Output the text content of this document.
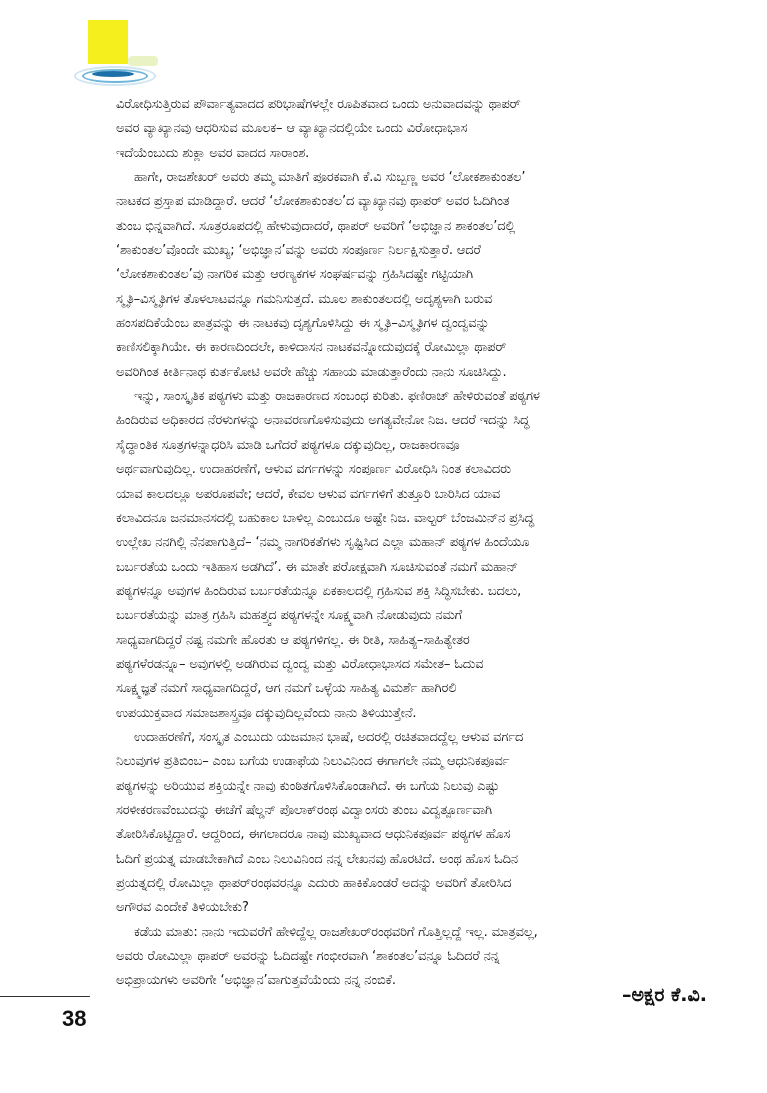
ವಿರೋಧಿಸುತ್ತಿರುವ ಪೌರ್ವಾತ್ಯವಾದದ ಪರಿಭಾಷೆಗಳಲ್ಲೇ ರೂಪಿತವಾದ ಒಂದು ಅನುವಾದವನ್ನು ಥಾಪರ್
ಅವರ ವ್ಯಾಖ್ಯಾನವು ಆಧರಿಸುವ ಮೂಲಕ– ಆ ವ್ಯಾಖ್ಯಾನದಲ್ಲಿಯೇ ಒಂದು ವಿರೋಧಾಭಾಸ
ಇದೆಯೆಂಬುದು ಶುಕ್ಲಾ ಅವರ ವಾದದ ಸಾರಾಂಶ.
ಹಾಗೇ, ರಾಜಶೇಖರ್ ಅವರು ತಮ್ಮ ಮಾತಿಗೆ ಪೂರಕವಾಗಿ ಕೆ.ವಿ ಸುಬ್ಬಣ್ಣ ಅವರ ‘ಲೋಕಶಾಕುಂತಲ’
ನಾಟಕದ ಪ್ರಸ್ತಾಪ ಮಾಡಿದ್ದಾರೆ. ಆದರೆ ‘ಲೋಕಶಾಕುಂತಲ’ದ ವ್ಯಾಖ್ಯಾನವು ಥಾಪರ್ ಅವರ ಓದಿಗಿಂತ
ತುಂಬ ಭಿನ್ನವಾಗಿದೆ. ಸೂತ್ರರೂಪದಲ್ಲಿ ಹೇಳುವುದಾದರೆ, ಥಾಪರ್ ಅವರಿಗೆ ‘ಅಭಿಜ್ಞಾನ ಶಾಕಂತಲ’ದಲ್ಲಿ
‘ಶಾಕುಂತಲ’ವೊಂದೇ ಮುಖ್ಯ; ‘ಅಭಿಜ್ಞಾನ’ವನ್ನು ಅವರು ಸಂಪೂರ್ಣ ನಿರ್ಲಕ್ಷಿಸುತ್ತಾರೆ. ಆದರೆ
‘ಲೋಕಶಾಕುಂತಲ’ವು ನಾಗರಿಕ ಮತ್ತು ಆರಣ್ಯಕಗಳ ಸಂಘರ್ಷವನ್ನು ಗ್ರಹಿಸಿದಷ್ಟೇ ಗಟ್ಟಿಯಾಗಿ
ಸ್ಮೃತಿ–ವಿಸ್ಮೃತಿಗಳ ತೊಳಲಾಟವನ್ನೂ ಗಮನಿಸುತ್ತದೆ. ಮೂಲ ಶಾಕುಂತಲದಲ್ಲಿ ಅದೃಶ್ಯಳಾಗಿ ಬರುವ
ಹಂಸಪದಿಕೆಯೆಂಬ ಪಾತ್ರವನ್ನು ಈ ನಾಟಕವು ದೃಶ್ಯಗೊಳಿಸಿದ್ದು ಈ ಸ್ಮೃತಿ–ವಿಸ್ಮೃತಿಗಳ ದ್ವಂದ್ವವನ್ನು
ಕಾಣಿಸಲಿಕ್ಕಾಗಿಯೇ. ಈ ಕಾರಣದಿಂದಲೇ, ಕಾಳಿದಾಸನ ನಾಟಕವನ್ನೋದುವುದಕ್ಕೆ ರೋಮಿಲ್ಲಾ ಥಾಪರ್
ಅವರಿಗಿಂತ ಕೀರ್ತಿನಾಥ ಕುರ್ತಕೋಟಿ ಅವರೇ ಹೆಚ್ಚು ಸಹಾಯ ಮಾಡುತ್ತಾರೆಂದು ನಾನು ಸೂಚಿಸಿದ್ದು.
ಇನ್ನು, ಸಾಂಸ್ಕೃತಿಕ ಪಠ್ಯಗಳು ಮತ್ತು ರಾಜಕಾರಣದ ಸಂಬಂಧ ಕುರಿತು. ಫಣಿರಾಜ್ ಹೇಳಿರುವಂತೆ ಪಠ್ಯಗಳ
ಹಿಂದಿರುವ ಅಧಿಕಾರದ ನೆರಳುಗಳನ್ನು ಅನಾವರಣಗೊಳಿಸುವುದು ಅಗತ್ಯವೇನೋ ನಿಜ. ಆದರೆ ಇದನ್ನು ಸಿದ್ಧ
ಸೈದ್ಧಾಂತಿಕ ಸೂತ್ರಗಳನ್ನಾಧರಿಸಿ ಮಾಡಿ ಒಗೆದರೆ ಪಠ್ಯಗಳೂ ದಕ್ಕುವುದಿಲ್ಲ, ರಾಜಕಾರಣವೂ
ಅರ್ಥವಾಗುವುದಿಲ್ಲ. ಉದಾಹರಣೆಗೆ, ಆಳುವ ವರ್ಗಗಳನ್ನು ಸಂಪೂರ್ಣ ವಿರೋಧಿಸಿ ನಿಂತ ಕಲಾವಿದರು
ಯಾವ ಕಾಲದಲ್ಲೂ ಅಪರೂಪವೇ; ಆದರೆ, ಕೇವಲ ಆಳುವ ವರ್ಗಗಳಿಗೆ ತುತ್ತೂರಿ ಬಾರಿಸಿದ ಯಾವ
ಕಲಾವಿದನೂ ಜನಮಾನಸದಲ್ಲಿ ಬಹುಕಾಲ ಬಾಳಿಲ್ಲ ಎಂಬುದೂ ಅಷ್ಟೇ ನಿಜ. ವಾಲ್ಟರ್ ಬೆಂಜಮಿನ್‌ನ ಪ್ರಸಿದ್ಧ
ಉಲ್ಲೇಖ ನನಗಿಲ್ಲಿ ನೆನಪಾಗುತ್ತಿದೆ– ‘ನಮ್ಮ ನಾಗರಿಕತೆಗಳು ಸೃಷ್ಟಿಸಿದ ಎಲ್ಲಾ ಮಹಾನ್ ಪಠ್ಯಗಳ ಹಿಂದೆಯೂ
ಬರ್ಬರತೆಯ ಒಂದು ಇತಿಹಾಸ ಅಡಗಿದೆ’. ಈ ಮಾತೇ ಪರೋಕ್ಷವಾಗಿ ಸೂಚಿಸುವಂತೆ ನಮಗೆ ಮಹಾನ್
ಪಠ್ಯಗಳನ್ನೂ ಅವುಗಳ ಹಿಂದಿರುವ ಬರ್ಬರತೆಯನ್ನೂ ಏಕಕಾಲದಲ್ಲಿ ಗ್ರಹಿಸುವ ಶಕ್ತಿ ಸಿದ್ಧಿಸಬೇಕು. ಬದಲು,
ಬರ್ಬರತೆಯನ್ನು ಮಾತ್ರ ಗ್ರಹಿಸಿ ಮಹತ್ತ್ವದ ಪಠ್ಯಗಳನ್ನೇ ಸೂಕ್ಷ್ಮವಾಗಿ ನೋಡುವುದು ನಮಗೆ
ಸಾಧ್ಯವಾಗದಿದ್ದರೆ ನಷ್ಟ ನಮಗೇ ಹೊರತು ಆ ಪಠ್ಯಗಳಿಗಲ್ಲ. ಈ ರೀತಿ, ಸಾಹಿತ್ಯ–ಸಾಹಿತ್ಯೇತರ
ಪಠ್ಯಗಳೆರಡನ್ನೂ– ಅವುಗಳಲ್ಲಿ ಅಡಗಿರುವ ದ್ವಂದ್ವ ಮತ್ತು ವಿರೋಧಾಭಾಸದ ಸಮೇತ– ಓದುವ
ಸೂಕ್ಷ್ಮಜ್ಞತೆ ನಮಗೆ ಸಾಧ್ಯವಾಗದಿದ್ದರೆ, ಆಗ ನಮಗೆ ಒಳ್ಳೆಯ ಸಾಹಿತ್ಯ ವಿಮರ್ಶೆ ಹಾಗಿರಲಿ
ಉಪಯುಕ್ತವಾದ ಸಮಾಜಶಾಸ್ತ್ರವೂ ದಕ್ಕುವುದಿಲ್ಲವೆಂದು ನಾನು ತಿಳಿಯುತ್ತೇನೆ.
ಉದಾಹರಣೆಗೆ, ಸಂಸ್ಕೃತ ಎಂಬುದು ಯಜಮಾನ ಭಾಷೆ, ಅದರಲ್ಲಿ ರಚಿತವಾದದ್ದೆಲ್ಲ ಆಳುವ ವರ್ಗದ
ನಿಲುವುಗಳ ಪ್ರತಿಬಿಂಬ– ಎಂಬ ಬಗೆಯ ಉಡಾಫೆಯ ನಿಲುವಿನಿಂದ ಈಗಾಗಲೇ ನಮ್ಮ ಆಧುನಿಕಪೂರ್ವ
ಪಠ್ಯಗಳನ್ನು ಅರಿಯುವ ಶಕ್ತಿಯನ್ನೇ ನಾವು ಕುಂಠಿತಗೊಳಿಸಿಕೊಂಡಾಗಿದೆ. ಈ ಬಗೆಯ ನಿಲುವು ಎಷ್ಟು
ಸರಳೀಕರಣವೆಂಬುದನ್ನು ಈಚೆಗೆ ಷೆಲ್ಡನ್ ಪೊಲಾಕ್‌ರಂಥ ವಿದ್ವಾಂಸರು ತುಂಬ ವಿದ್ವತ್ಪೂರ್ಣವಾಗಿ
ತೋರಿಸಿಕೊಟ್ಟಿದ್ದಾರೆ. ಆದ್ದರಿಂದ, ಈಗಲಾದರೂ ನಾವು ಮುಖ್ಯವಾದ ಆಧುನಿಕಪೂರ್ವ ಪಠ್ಯಗಳ ಹೊಸ
ಓದಿಗೆ ಪ್ರಯತ್ನ ಮಾಡಬೇಕಾಗಿದೆ ಎಂಬ ನಿಲುವಿನಿಂದ ನನ್ನ ಲೇಖನವು ಹೊರಟಿದೆ. ಅಂಥ ಹೊಸ ಓದಿನ
ಪ್ರಯತ್ನದಲ್ಲಿ ರೋಮಿಲ್ಲಾ ಥಾಪರ್‌ರಂಥವರನ್ನೂ ಎದುರು ಹಾಕಿಕೊಂಡರೆ ಅದನ್ನು ಅವರಿಗೆ ತೋರಿಸಿದ
ಅಗೌರವ ಎಂದೇಕೆ ತಿಳಿಯಬೇಕು?
ಕಡೆಯ ಮಾತು: ನಾನು ಇದುವರೆಗೆ ಹೇಳಿದ್ದೆಲ್ಲ ರಾಜಶೇಖರ್‌ರಂಥವರಿಗೆ ಗೊತ್ತಿಲ್ಲದ್ದೆ ಇಲ್ಲ. ಮಾತ್ರವಲ್ಲ,
ಅವರು ರೋಮಿಲ್ಲಾ ಥಾಪರ್ ಅವರನ್ನು ಓದಿದಷ್ಟೇ ಗಂಭೀರವಾಗಿ ‘ಶಾಕಂತಲ’ವನ್ನೂ ಓದಿದರೆ ನನ್ನ
ಅಭಿಪ್ರಾಯಗಳು ಅವರಿಗೇ ‘ಅಭಿಜ್ಞಾನ’ವಾಗುತ್ತವೆಯೆಂದು ನನ್ನ ನಂಬಿಕೆ.
–ಅಕ್ಷರ ಕೆ.ವಿ.
38
